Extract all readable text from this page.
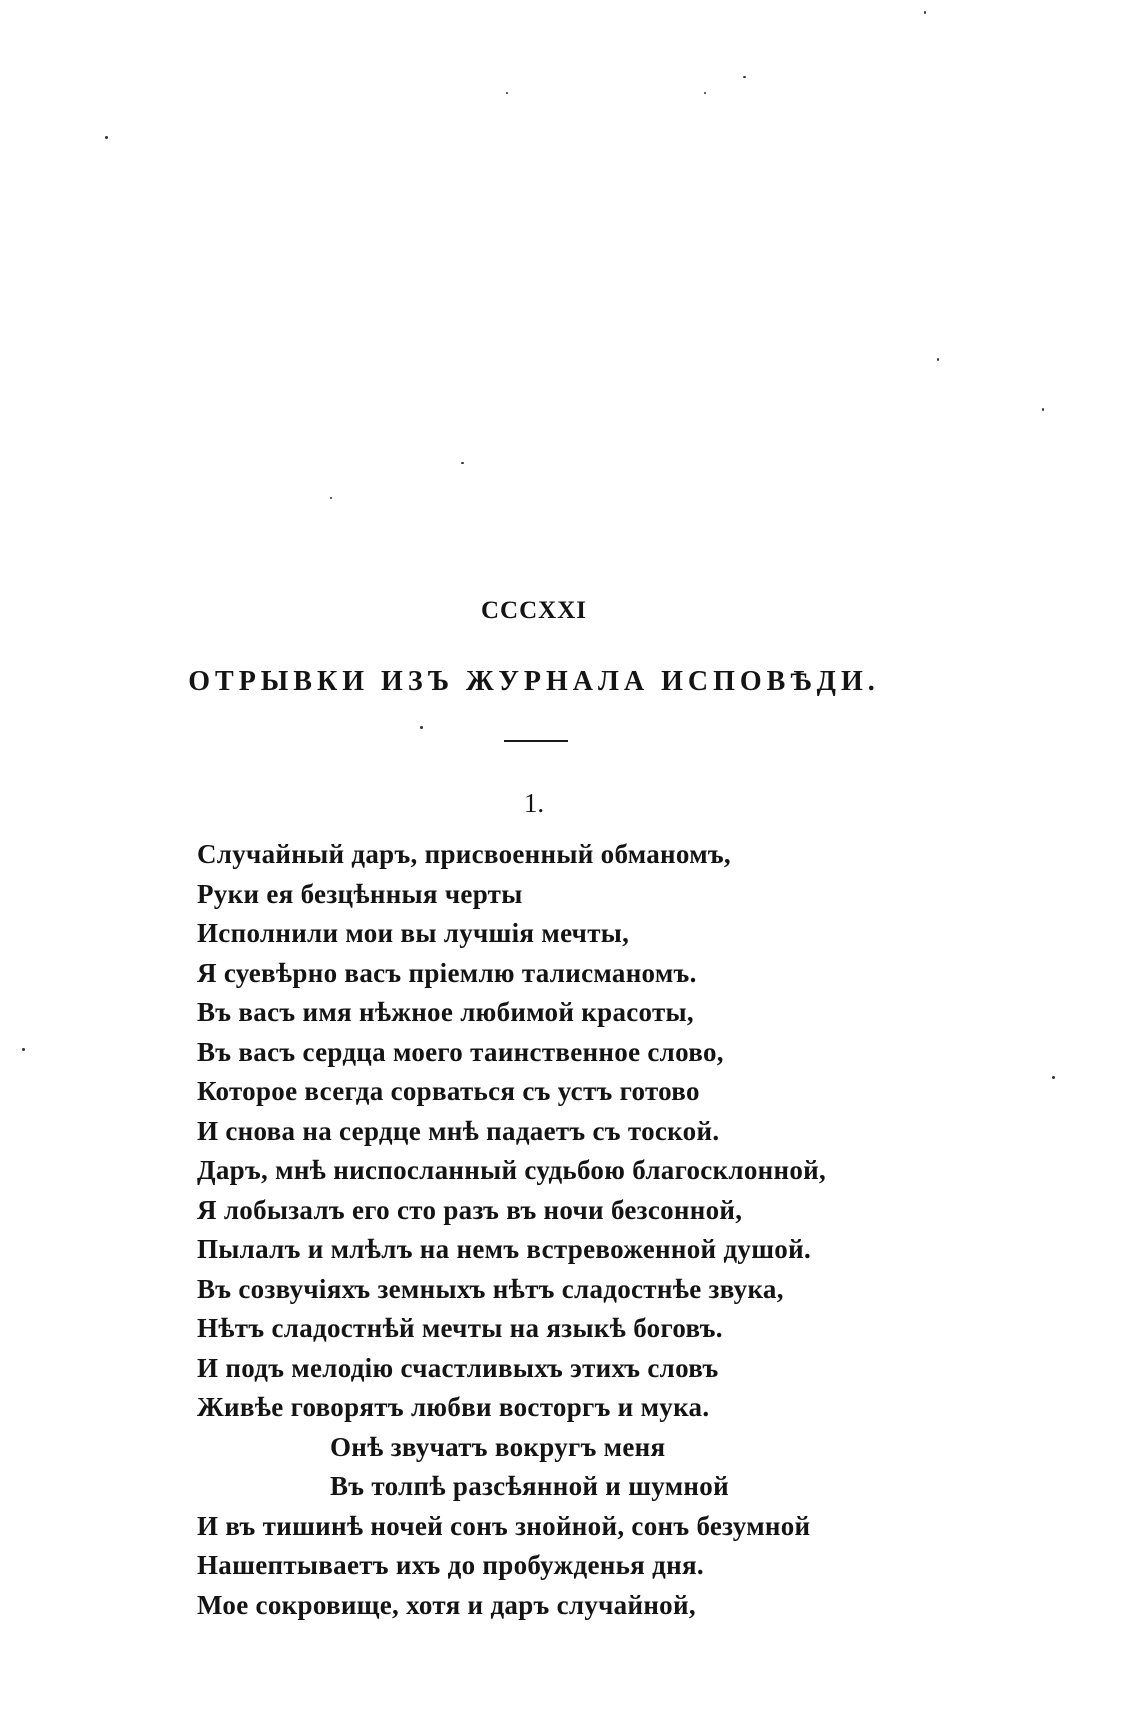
CCCXXI
ОТРЫВКИ ИЗЪ ЖУРНАЛА ИСПОВѢДИ.
1.
Случайный даръ, присвоенный обманомъ,
Руки ея безцѣнныя черты
Исполнили мои вы лучшія мечты,
Я суевѣрно васъ пріемлю талисманомъ.
Въ васъ имя нѣжное любимой красоты,
Въ васъ сердца моего таинственное слово,
Которое всегда сорваться съ устъ готово
И снова на сердце мнѣ падаетъ съ тоской.
Даръ, мнѣ ниспосланный судьбою благосклонной,
Я лобызалъ его сто разъ въ ночи безсонной,
Пылалъ и млѣлъ на немъ встревоженной душой.
Въ созвучіяхъ земныхъ нѣтъ сладостнѣе звука,
Нѣтъ сладостнѣй мечты на языкѣ боговъ.
И подъ мелодію счастливыхъ этихъ словъ
Живѣе говорятъ любви восторгъ и мука.
Онѣ звучатъ вокругъ меня
Въ толпѣ разсѣянной и шумной
И въ тишинѣ ночей сонъ знойной, сонъ безумной
Нашептываетъ ихъ до пробужденья дня.
Мое сокровище, хотя и даръ случайной,
